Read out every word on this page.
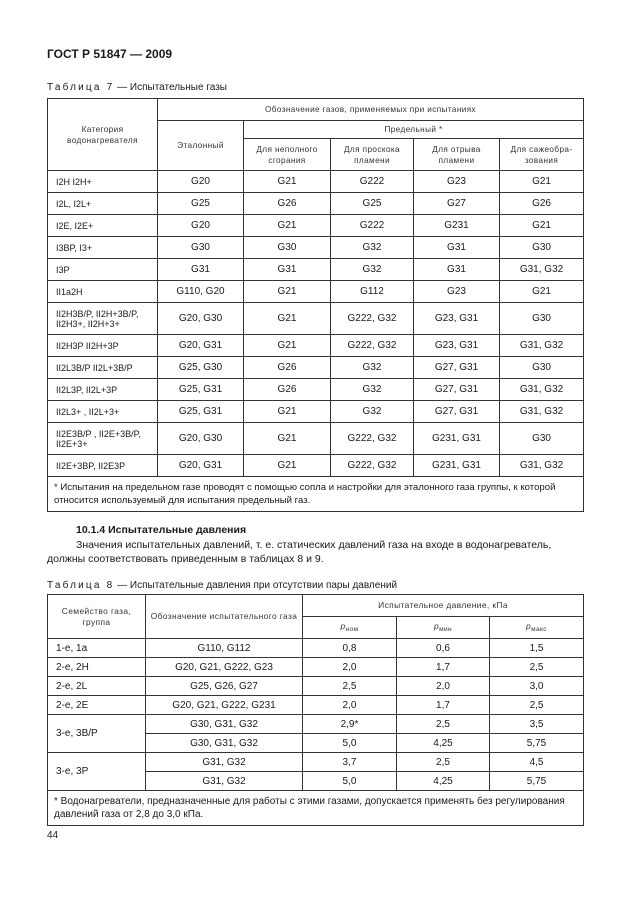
ГОСТ Р 51847 — 2009
Таблица 7 — Испытательные газы
Категория водонагревателя	Обозначение газов, применяемых при испытаниях				
	Эталонный	Предельный *			
		Для неполного сгорания	Для проскока пламени	Для отрыва пламени	Для сажеобра-зования
I2H I2H+	G20	G21	G222	G23	G21
I2L, I2L+	G25	G26	G25	G27	G26
I2E, I2E+	G20	G21	G222	G231	G21
I3BP, I3+	G30	G30	G32	G31	G30
I3P	G31	G31	G32	G31	G31, G32
II1a2H	G110, G20	G21	G112	G23	G21
II2H3B/P, II2H+3B/P, II2H3+, II2H+3+	G20, G30	G21	G222, G32	G23, G31	G30
II2H3P II2H+3P	G20, G31	G21	G222, G32	G23, G31	G31, G32
II2L3B/P II2L+3B/P	G25, G30	G26	G32	G27, G31	G30
II2L3P, II2L+3P	G25, G31	G26	G32	G27, G31	G31, G32
II2L3+ , II2L+3+	G25, G31	G21	G32	G27, G31	G31, G32
II2E3B/P , II2E+3B/P, II2E+3+	G20, G30	G21	G222, G32	G231, G31	G30
II2E+3BP, II2E3P	G20, G31	G21	G222, G32	G231, G31	G31, G32
* Испытания на предельном газе проводят с помощью сопла и настройки для эталонного газа группы, к которой относится используемый для испытания предельный газ.					
10.1.4 Испытательные давления
Значения испытательных давлений, т. е. статических давлений газа на входе в водонагреватель, должны соответствовать приведенным в таблицах 8 и 9.
Таблица 8 — Испытательные давления при отсутствии пары давлений
Семейство газа, группа	Обозначение испытательного газа	Испытательное давление, кПа		
		$р_{ном}$	$р_{мин}$	$р_{макс}$
1-е, 1а	G110, G112	0,8	0,6	1,5
2-е, 2H	G20, G21, G222, G23	2,0	1,7	2,5
2-е, 2L	G25, G26, G27	2,5	2,0	3,0
2-е, 2E	G20, G21, G222, G231	2,0	1,7	2,5
3-е, 3В/Р	G30, G31, G32	2,9*	2,5	3,5
	G30, G31, G32	5,0	4,25	5,75
3-е, 3Р	G31, G32	3,7	2,5	4,5
	G31, G32	5,0	4,25	5,75
* Водонагреватели, предназначенные для работы с этими газами, допускается применять без регулирования давлений газа от 2,8 до 3,0 кПа.				
44
